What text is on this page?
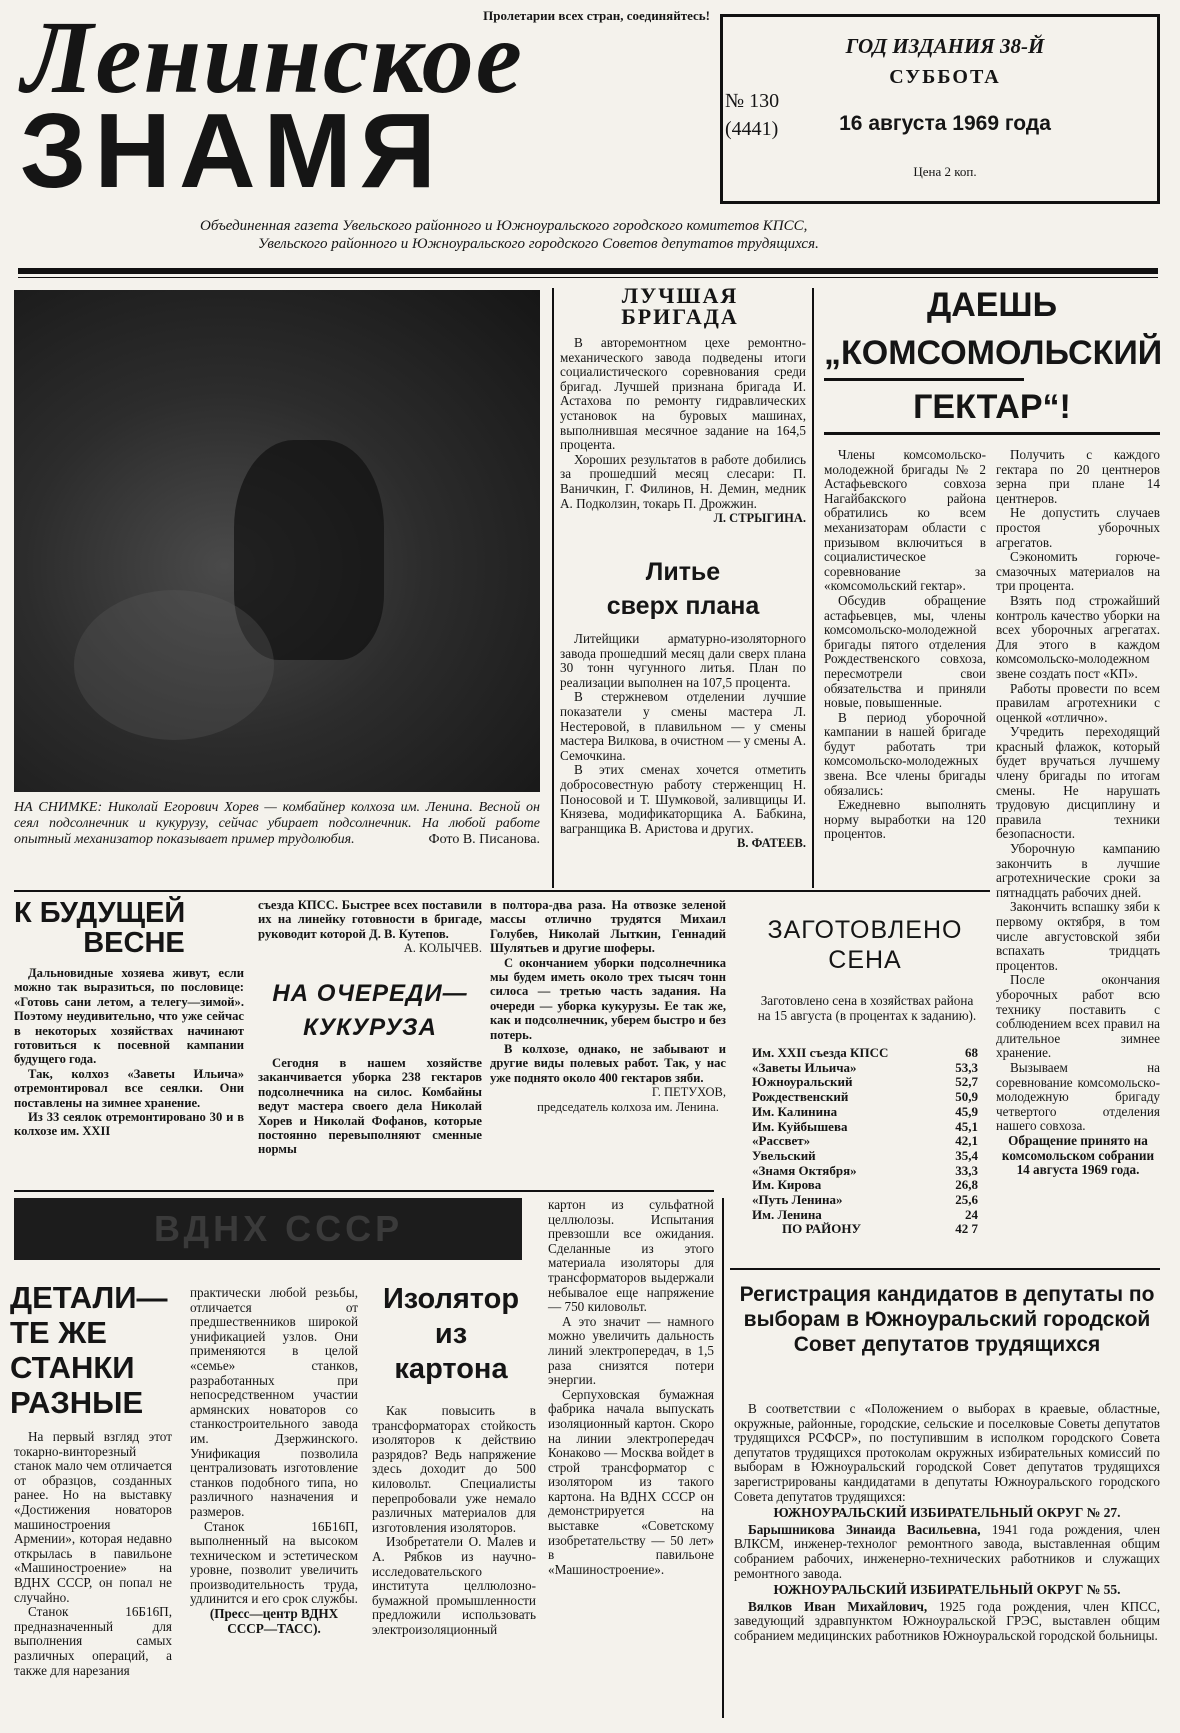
Пролетарии всех стран, соединяйтесь!
Ленинское
ЗНАМЯ	№ 130
(4441)
ГОД ИЗДАНИЯ 38-Й
СУББОТА
16 августа 1969 года
Цена 2 коп.
Объединенная газета Увельского районного и Южноуральского городского комитетов КПСС,
Увельского районного и Южноуральского городского Советов депутатов трудящихся.
НА СНИМКЕ: Николай Егорович Хорев — комбайнер колхоза им. Ленина. Весной он сеял подсолнечник и кукурузу, сейчас убирает подсолнечник. На любой работе опытный механизатор показывает пример трудолюбия.	Фото В. Писанова.
ЛУЧШАЯ БРИГАДА

В авторемонтном цехе ремонтно-механического завода подведены итоги социалистического соревнования среди бригад. Лучшей признана бригада И. Астахова по ремонту гидравлических установок на буровых машинах, выполнившая месячное задание на 164,5 процента.

Хороших результатов в работе добились за прошедший месяц слесари: П. Ваничкин, Г. Филинов, Н. Демин, медник А. Подколзин, токарь П. Дрожжин.

Л. СТРЫГИНА.
Литье
сверх плана

Литейщики арматурно-изоляторного завода прошедший месяц дали сверх плана 30 тонн чугунного литья. План по реализации выполнен на 107,5 процента.

В стержневом отделении лучшие показатели у смены мастера Л. Нестеровой, в плавильном — у смены мастера Вилкова, в очистном — у смены А. Семочкина.

В этих сменах хочется отметить добросовестную работу стерженщиц Н. Поносовой и Т. Шумковой, заливщицы И. Князева, модификаторщика А. Бабкина, вагранщика В. Аристова и других.

В. ФАТЕЕВ.
ДАЕШЬ
„КОМСОМОЛЬСКИЙ
ГЕКТАР“!

Члены комсомольско-молодежной бригады № 2 Астафьевского совхоза Нагайбакского района обратились ко всем механизаторам области с призывом включиться в социалистическое соревнование за «комсомольский гектар».

Обсудив обращение астафьевцев, мы, члены комсомольско-молодежной бригады пятого отделения Рождественского совхоза, пересмотрели свои обязательства и приняли новые, повышенные.

В период уборочной кампании в нашей бригаде будут работать три комсомольско-молодежных звена. Все члены бригады обязались:

Ежедневно выполнять норму выработки на 120 процентов.

Получить с каждого гектара по 20 центнеров зерна при плане 14 центнеров.

Не допустить случаев простоя уборочных агрегатов.

Сэкономить горюче-смазочных материалов на три процента.

Взять под строжайший контроль качество уборки на всех уборочных агрегатах. Для этого в каждом комсомольско-молодежном звене создать пост «КП».

Работы провести по всем правилам агротехники с оценкой «отлично».

Учредить переходящий красный флажок, который будет вручаться лучшему члену бригады по итогам смены. Не нарушать трудовую дисциплину и правила техники безопасности.

Уборочную кампанию закончить в лучшие агротехнические сроки за пятнадцать рабочих дней.

Закончить вспашку зяби к первому октября, в том числе августовской зяби вспахать тридцать процентов.

После окончания уборочных работ всю технику поставить с соблюдением всех правил на длительное зимнее хранение.

Вызываем на соревнование комсомольско-молодежную бригаду четвертого отделения нашего совхоза.

Обращение принято на комсомольском собрании 14 августа 1969 года.

К БУДУЩЕЙ
ВЕСНЕ

Дальновидные хозяева живут, если можно так выразиться, по пословице: «Готовь сани летом, а телегу—зимой». Поэтому неудивительно, что уже сейчас в некоторых хозяйствах начинают готовиться к посевной кампании будущего года.

Так, колхоз «Заветы Ильича» отремонтировал все сеялки. Они поставлены на зимнее хранение.

Из 33 сеялок отремонтировано 30 и в колхозе им. XXII

съезда КПСС. Быстрее всех поставили их на линейку готовности в бригаде, руководит которой Д. В. Кутепов.

А. КОЛЫЧЕВ.
НА ОЧЕРЕДИ—
КУКУРУЗА

Сегодня в нашем хозяйстве заканчивается уборка 238 гектаров подсолнечника на силос. Комбайны ведут мастера своего дела Николай Хорев и Николай Фофанов, которые постоянно перевыполняют сменные нормы

в полтора-два раза. На отвозке зеленой массы отлично трудятся Михаил Голубев, Николай Лыткин, Геннадий Шулятьев и другие шоферы.

С окончанием уборки подсолнечника мы будем иметь около трех тысяч тонн силоса — третью часть задания. На очереди — уборка кукурузы. Ее так же, как и подсолнечник, уберем быстро и без потерь.

В колхозе, однако, не забывают и другие виды полевых работ. Так, у нас уже поднято около 400 гектаров зяби.

Г. ПЕТУХОВ,
председатель колхоза им. Ленина.
ЗАГОТОВЛЕНО
СЕНА
Заготовлено сена в хозяйствах района на 15 августа (в процентах к заданию).
Им. XXII съезда КПСС	68
«Заветы Ильича»	53,3
Южноуральский	52,7
Рождественский	50,9
Им. Калинина	45,9
Им. Куйбышева	45,1
«Рассвет»	42,1
Увельский	35,4
«Знамя Октября»	33,3
Им. Кирова	26,8
«Путь Ленина»	25,6
Им. Ленина	24
ПО РАЙОНУ	42 7
ВДНХ СССР
ДЕТАЛИ—
ТЕ ЖЕ
СТАНКИ
РАЗНЫЕ

На первый взгляд этот токарно-винторезный станок мало чем отличается от образцов, созданных ранее. Но на выставку «Достижения новаторов машиностроения Армении», которая недавно открылась в павильоне «Машиностроение» на ВДНХ СССР, он попал не случайно.

Станок 16Б16П, предназначенный для выполнения самых различных операций, а также для нарезания

практически любой резьбы, отличается от предшественников широкой унификацией узлов. Они применяются в целой «семье» станков, разработанных при непосредственном участии армянских новаторов со станкостроительного завода им. Дзержинского. Унификация позволила централизовать изготовление станков подобного типа, но различного назначения и размеров.

Станок 16Б16П, выполненный на высоком техническом и эстетическом уровне, позволит увеличить производительность труда, удлинится и его срок службы.

(Пресс—центр ВДНХ СССР—ТАСС).
Изолятор
из
картона

Как повысить в трансформаторах стойкость изоляторов к действию разрядов? Ведь напряжение здесь доходит до 500 киловольт. Специалисты перепробовали уже немало различных материалов для изготовления изоляторов.

Изобретатели О. Малев и А. Рябков из научно-исследовательского института целлюлозно-бумажной промышленности предложили использовать электроизоляционный

картон из сульфатной целлюлозы. Испытания превзошли все ожидания. Сделанные из этого материала изоляторы для трансформаторов выдержали небывалое еще напряжение — 750 киловольт.

А это значит — намного можно увеличить дальность линий электропередач, в 1,5 раза снизятся потери энергии.

Серпуховская бумажная фабрика начала выпускать изоляционный картон. Скоро на линии электропередач Конаково — Москва войдет в строй трансформатор с изолятором из такого картона. На ВДНХ СССР он демонстрируется на выставке «Советскому изобретательству — 50 лет» в павильоне «Машиностроение».

Регистрация кандидатов в депутаты по выборам в Южноуральский городской Совет депутатов трудящихся

В соответствии с «Положением о выборах в краевые, областные, окружные, районные, городские, сельские и поселковые Советы депутатов трудящихся РСФСР», по поступившим в исполком городского Совета депутатов трудящихся протоколам окружных избирательных комиссий по выборам в Южноуральский городской Совет депутатов трудящихся зарегистрированы кандидатами в депутаты Южноуральского городского Совета депутатов трудящихся:

ЮЖНОУРАЛЬСКИЙ ИЗБИРАТЕЛЬНЫЙ ОКРУГ № 27.

Барышникова Зинаида Васильевна, 1941 года рождения, член ВЛКСМ, инженер-технолог ремонтного завода, выставленная общим собранием рабочих, инженерно-технических работников и служащих ремонтного завода.

ЮЖНОУРАЛЬСКИЙ ИЗБИРАТЕЛЬНЫЙ ОКРУГ № 55.

Вялков Иван Михайлович, 1925 года рождения, член КПСС, заведующий здравпунктом Южноуральской ГРЭС, выставлен общим собранием медицинских работников Южноуральской городской больницы.
